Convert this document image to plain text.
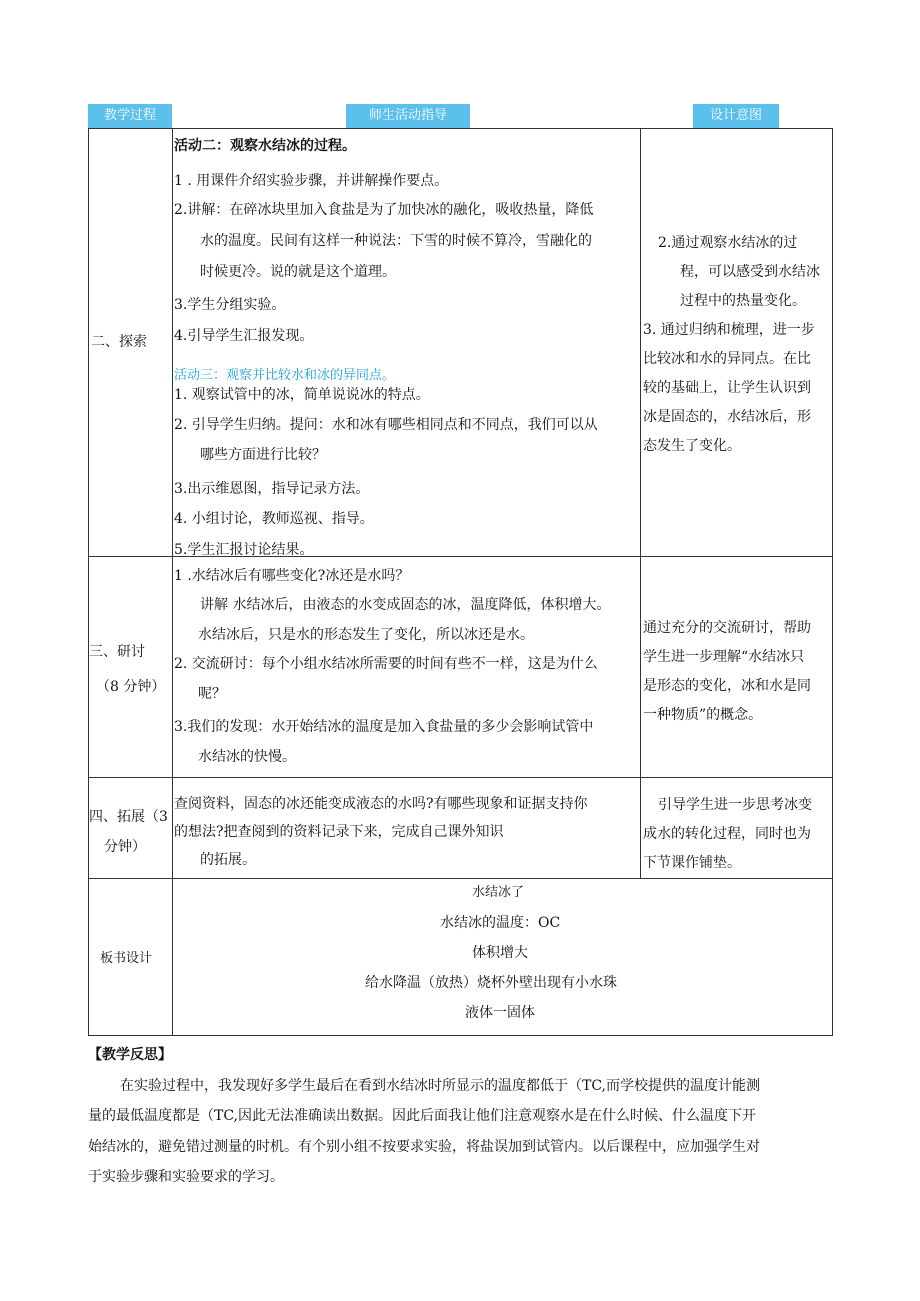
教学过程	师生活动指导	设计意图
二、探索
活动二：观察水结冰的过程。
1 . 用课件介绍实验步骤，并讲解操作要点。
2.讲解：在碎冰块里加入食盐是为了加快冰的融化，吸收热量，降低
水的温度。民间有这样一种说法：下雪的时候不算冷，雪融化的
时候更冷。说的就是这个道理。
3.学生分组实验。
4.引导学生汇报发现。
活动三：观察并比较水和冰的异同点。
1. 观察试管中的冰，简单说说冰的特点。
2. 引导学生归纳。提问：水和冰有哪些相同点和不同点，我们可以从
哪些方面进行比较？
3.出示维恩图，指导记录方法。
4. 小组讨论，教师巡视、指导。
5.学生汇报讨论结果。
2.通过观察水结冰的过
程，可以感受到水结冰
过程中的热量变化。
3. 通过归纳和梳理，进一步
比较冰和水的异同点。在比
较的基础上，让学生认识到
冰是固态的，水结冰后，形
态发生了变化。
三、研讨
（8 分钟）
1 .水结冰后有哪些变化?冰还是水吗？
讲解 水结冰后，由液态的水变成固态的冰，温度降低，体积增大。
水结冰后，只是水的形态发生了变化，所以冰还是水。
2. 交流研讨：每个小组水结冰所需要的时间有些不一样，这是为什么
呢？
3.我们的发现：水开始结冰的温度是加入食盐量的多少会影响试管中
水结冰的快慢。
通过充分的交流研讨，帮助
学生进一步理解“水结冰只
是形态的变化，冰和水是同
一种物质”的概念。
四、拓展（3
分钟）
查阅资料，固态的冰还能变成液态的水吗?有哪些现象和证据支持你
的想法?把查阅到的资料记录下来，完成自己课外知识
的拓展。
引导学生进一步思考冰变
成水的转化过程，同时也为
下节课作铺垫。
板书设计
水结冰了
水结冰的温度：OC
体积增大
给水降温（放热）烧杯外壁出现有小水珠
液体一固体
【教学反思】
在实验过程中，我发现好多学生最后在看到水结冰时所显示的温度都低于（TC,而学校提供的温度计能测
量的最低温度都是（TC,因此无法准确读出数据。因此后面我让他们注意观察水是在什么时候、什么温度下开
始结冰的，避免错过测量的时机。有个别小组不按要求实验，将盐误加到试管内。以后课程中，应加强学生对
于实验步骤和实验要求的学习。
